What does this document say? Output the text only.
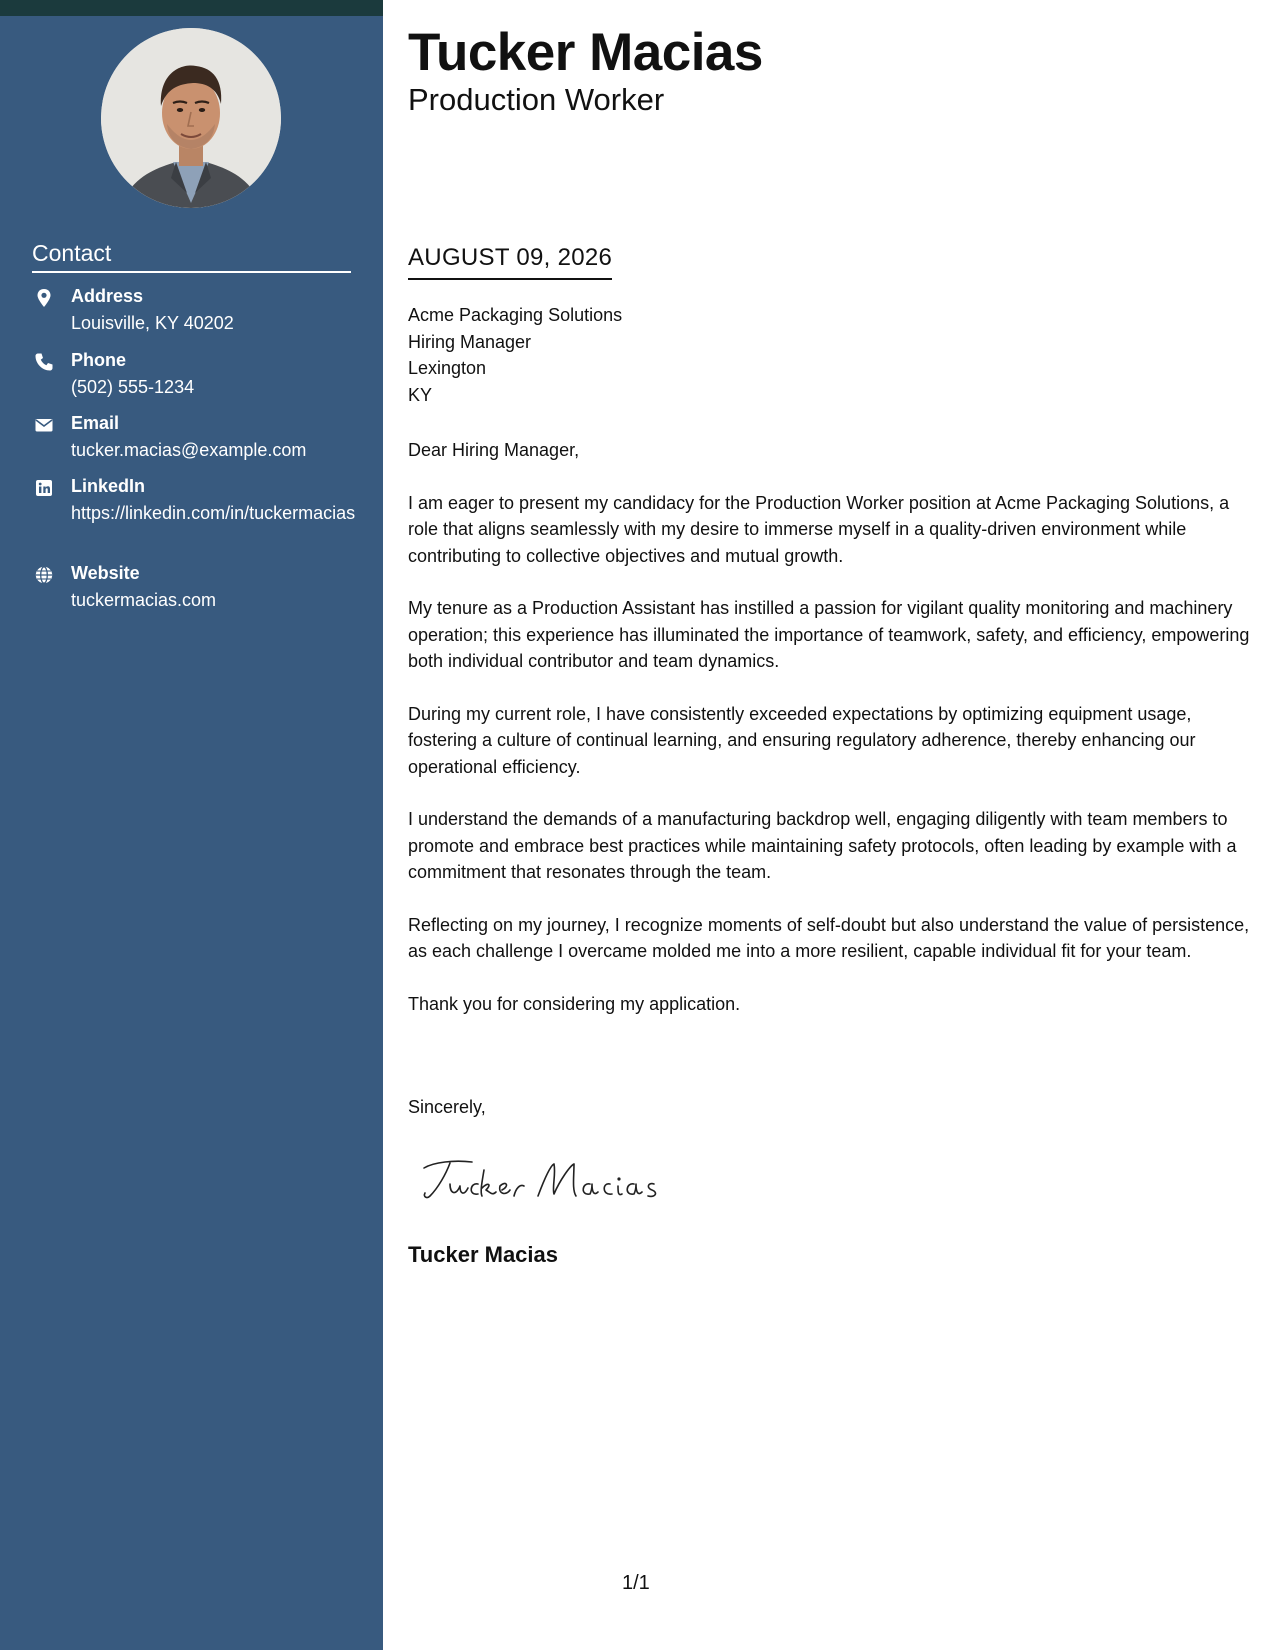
Contact
Address
Louisville, KY 40202
Phone
(502) 555-1234
Email
tucker.macias@example.com
LinkedIn
https://linkedin.com/in/tuckermacias
Website
tuckermacias.com
Tucker Macias
Production Worker
AUGUST 09, 2026
Acme Packaging Solutions
Hiring Manager
Lexington
KY

Dear Hiring Manager,

I am eager to present my candidacy for the Production Worker position at Acme Packaging Solutions, a role that aligns seamlessly with my desire to immerse myself in a quality-driven environment while contributing to collective objectives and mutual growth.

My tenure as a Production Assistant has instilled a passion for vigilant quality monitoring and machinery operation; this experience has illuminated the importance of teamwork, safety, and efficiency, empowering both individual contributor and team dynamics.

During my current role, I have consistently exceeded expectations by optimizing equipment usage, fostering a culture of continual learning, and ensuring regulatory adherence, thereby enhancing our operational efficiency.

I understand the demands of a manufacturing backdrop well, engaging diligently with team members to promote and embrace best practices while maintaining safety protocols, often leading by example with a commitment that resonates through the team.

Reflecting on my journey, I recognize moments of self-doubt but also understand the value of persistence, as each challenge I overcame molded me into a more resilient, capable individual fit for your team.

Thank you for considering my application.

Sincerely,
Tucker Macias
1/1
